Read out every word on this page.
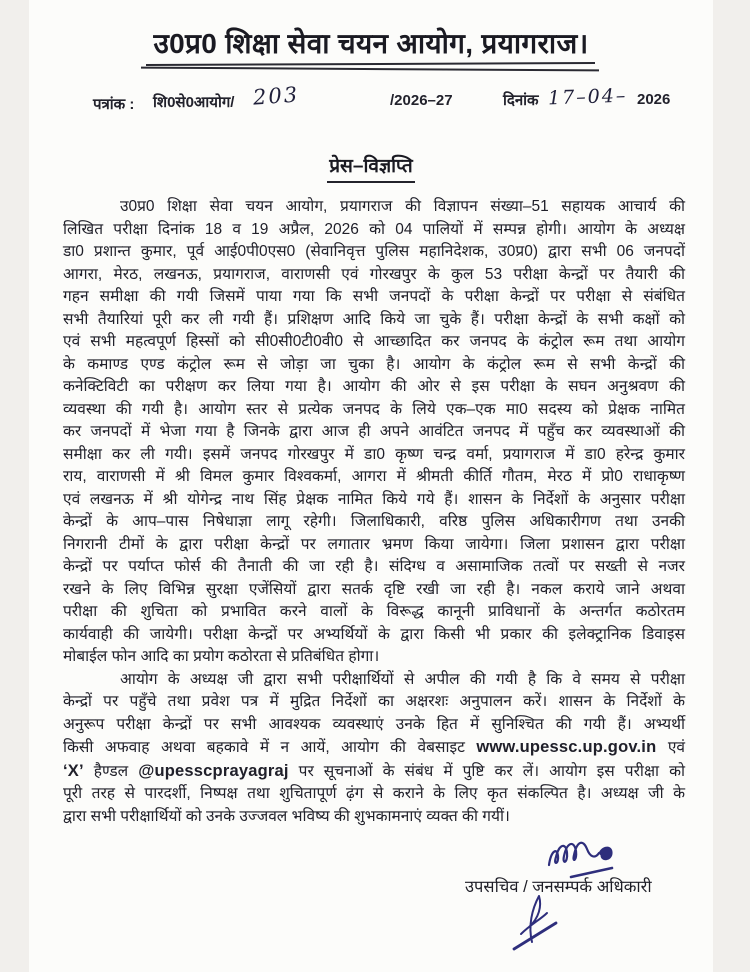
उ0प्र0 शिक्षा सेवा चयन आयोग, प्रयागराज।
पत्रांक : शि0से0आयोग/ 203	/2026–27	दिनांक 17–04– 2026
प्रेस–विज्ञप्ति
उ0प्र0 शिक्षा सेवा चयन आयोग, प्रयागराज की विज्ञापन संख्या–51 सहायक आचार्य की
लिखित परीक्षा दिनांक 18 व 19 अप्रैल, 2026 को 04 पालियों में सम्पन्न होगी। आयोग के अध्यक्ष
डा0 प्रशान्त कुमार, पूर्व आई0पी0एस0 (सेवानिवृत्त पुलिस महानिदेशक, उ0प्र0) द्वारा सभी 06 जनपदों
आगरा, मेरठ, लखनऊ, प्रयागराज, वाराणसी एवं गोरखपुर के कुल 53 परीक्षा केन्द्रों पर तैयारी की
गहन समीक्षा की गयी जिसमें पाया गया कि सभी जनपदों के परीक्षा केन्द्रों पर परीक्षा से संबंधित
सभी तैयारियां पूरी कर ली गयी हैं। प्रशिक्षण आदि किये जा चुके हैं। परीक्षा केन्द्रों के सभी कक्षों को
एवं सभी महत्वपूर्ण हिस्सों को सी0सी0टी0वी0 से आच्छादित कर जनपद के कंट्रोल रूम तथा आयोग
के कमाण्ड एण्ड कंट्रोल रूम से जोड़ा जा चुका है। आयोग के कंट्रोल रूम से सभी केन्द्रों की
कनेक्टिविटी का परीक्षण कर लिया गया है। आयोग की ओर से इस परीक्षा के सघन अनुश्रवण की
व्यवस्था की गयी है। आयोग स्तर से प्रत्येक जनपद के लिये एक–एक मा0 सदस्य को प्रेक्षक नामित
कर जनपदों में भेजा गया है जिनके द्वारा आज ही अपने आवंटित जनपद में पहुँच कर व्यवस्थाओं की
समीक्षा कर ली गयी। इसमें जनपद गोरखपुर में डा0 कृष्ण चन्द्र वर्मा, प्रयागराज में डा0 हरेन्द्र कुमार
राय, वाराणसी में श्री विमल कुमार विश्वकर्मा, आगरा में श्रीमती कीर्ति गौतम, मेरठ में प्रो0 राधाकृष्ण
एवं लखनऊ में श्री योगेन्द्र नाथ सिंह प्रेक्षक नामित किये गये हैं। शासन के निर्देशों के अनुसार परीक्षा
केन्द्रों के आप–पास निषेधाज्ञा लागू रहेगी। जिलाधिकारी, वरिष्ठ पुलिस अधिकारीगण तथा उनकी
निगरानी टीमों के द्वारा परीक्षा केन्द्रों पर लगातार भ्रमण किया जायेगा। जिला प्रशासन द्वारा परीक्षा
केन्द्रों पर पर्याप्त फोर्स की तैनाती की जा रही है। संदिग्ध व असामाजिक तत्वों पर सख्ती से नजर
रखने के लिए विभिन्न सुरक्षा एजेंसियों द्वारा सतर्क दृष्टि रखी जा रही है। नकल कराये जाने अथवा
परीक्षा की शुचिता को प्रभावित करने वालों के विरूद्ध कानूनी प्राविधानों के अन्तर्गत कठोरतम
कार्यवाही की जायेगी। परीक्षा केन्द्रों पर अभ्यर्थियों के द्वारा किसी भी प्रकार की इलेक्ट्रानिक डिवाइस
मोबाईल फोन आदि का प्रयोग कठोरता से प्रतिबंधित होगा।
आयोग के अध्यक्ष जी द्वारा सभी परीक्षार्थियों से अपील की गयी है कि वे समय से परीक्षा
केन्द्रों पर पहुँचे तथा प्रवेश पत्र में मुद्रित निर्देशों का अक्षरशः अनुपालन करें। शासन के निर्देशों के
अनुरूप परीक्षा केन्द्रों पर सभी आवश्यक व्यवस्थाएं उनके हित में सुनिश्चित की गयी हैं। अभ्यर्थी
किसी अफवाह अथवा बहकावे में न आयें, आयोग की वेबसाइट www.upessc.up.gov.in एवं
‘X’ हैण्डल @upesscprayagraj पर सूचनाओं के संबंध में पुष्टि कर लें। आयोग इस परीक्षा को
पूरी तरह से पारदर्शी, निष्पक्ष तथा शुचितापूर्ण ढ़ंग से कराने के लिए कृत संकल्पित है। अध्यक्ष जी के
द्वारा सभी परीक्षार्थियों को उनके उज्जवल भविष्य की शुभकामनाएं व्यक्त की गयीं।
उपसचिव / जनसम्पर्क अधिकारी
